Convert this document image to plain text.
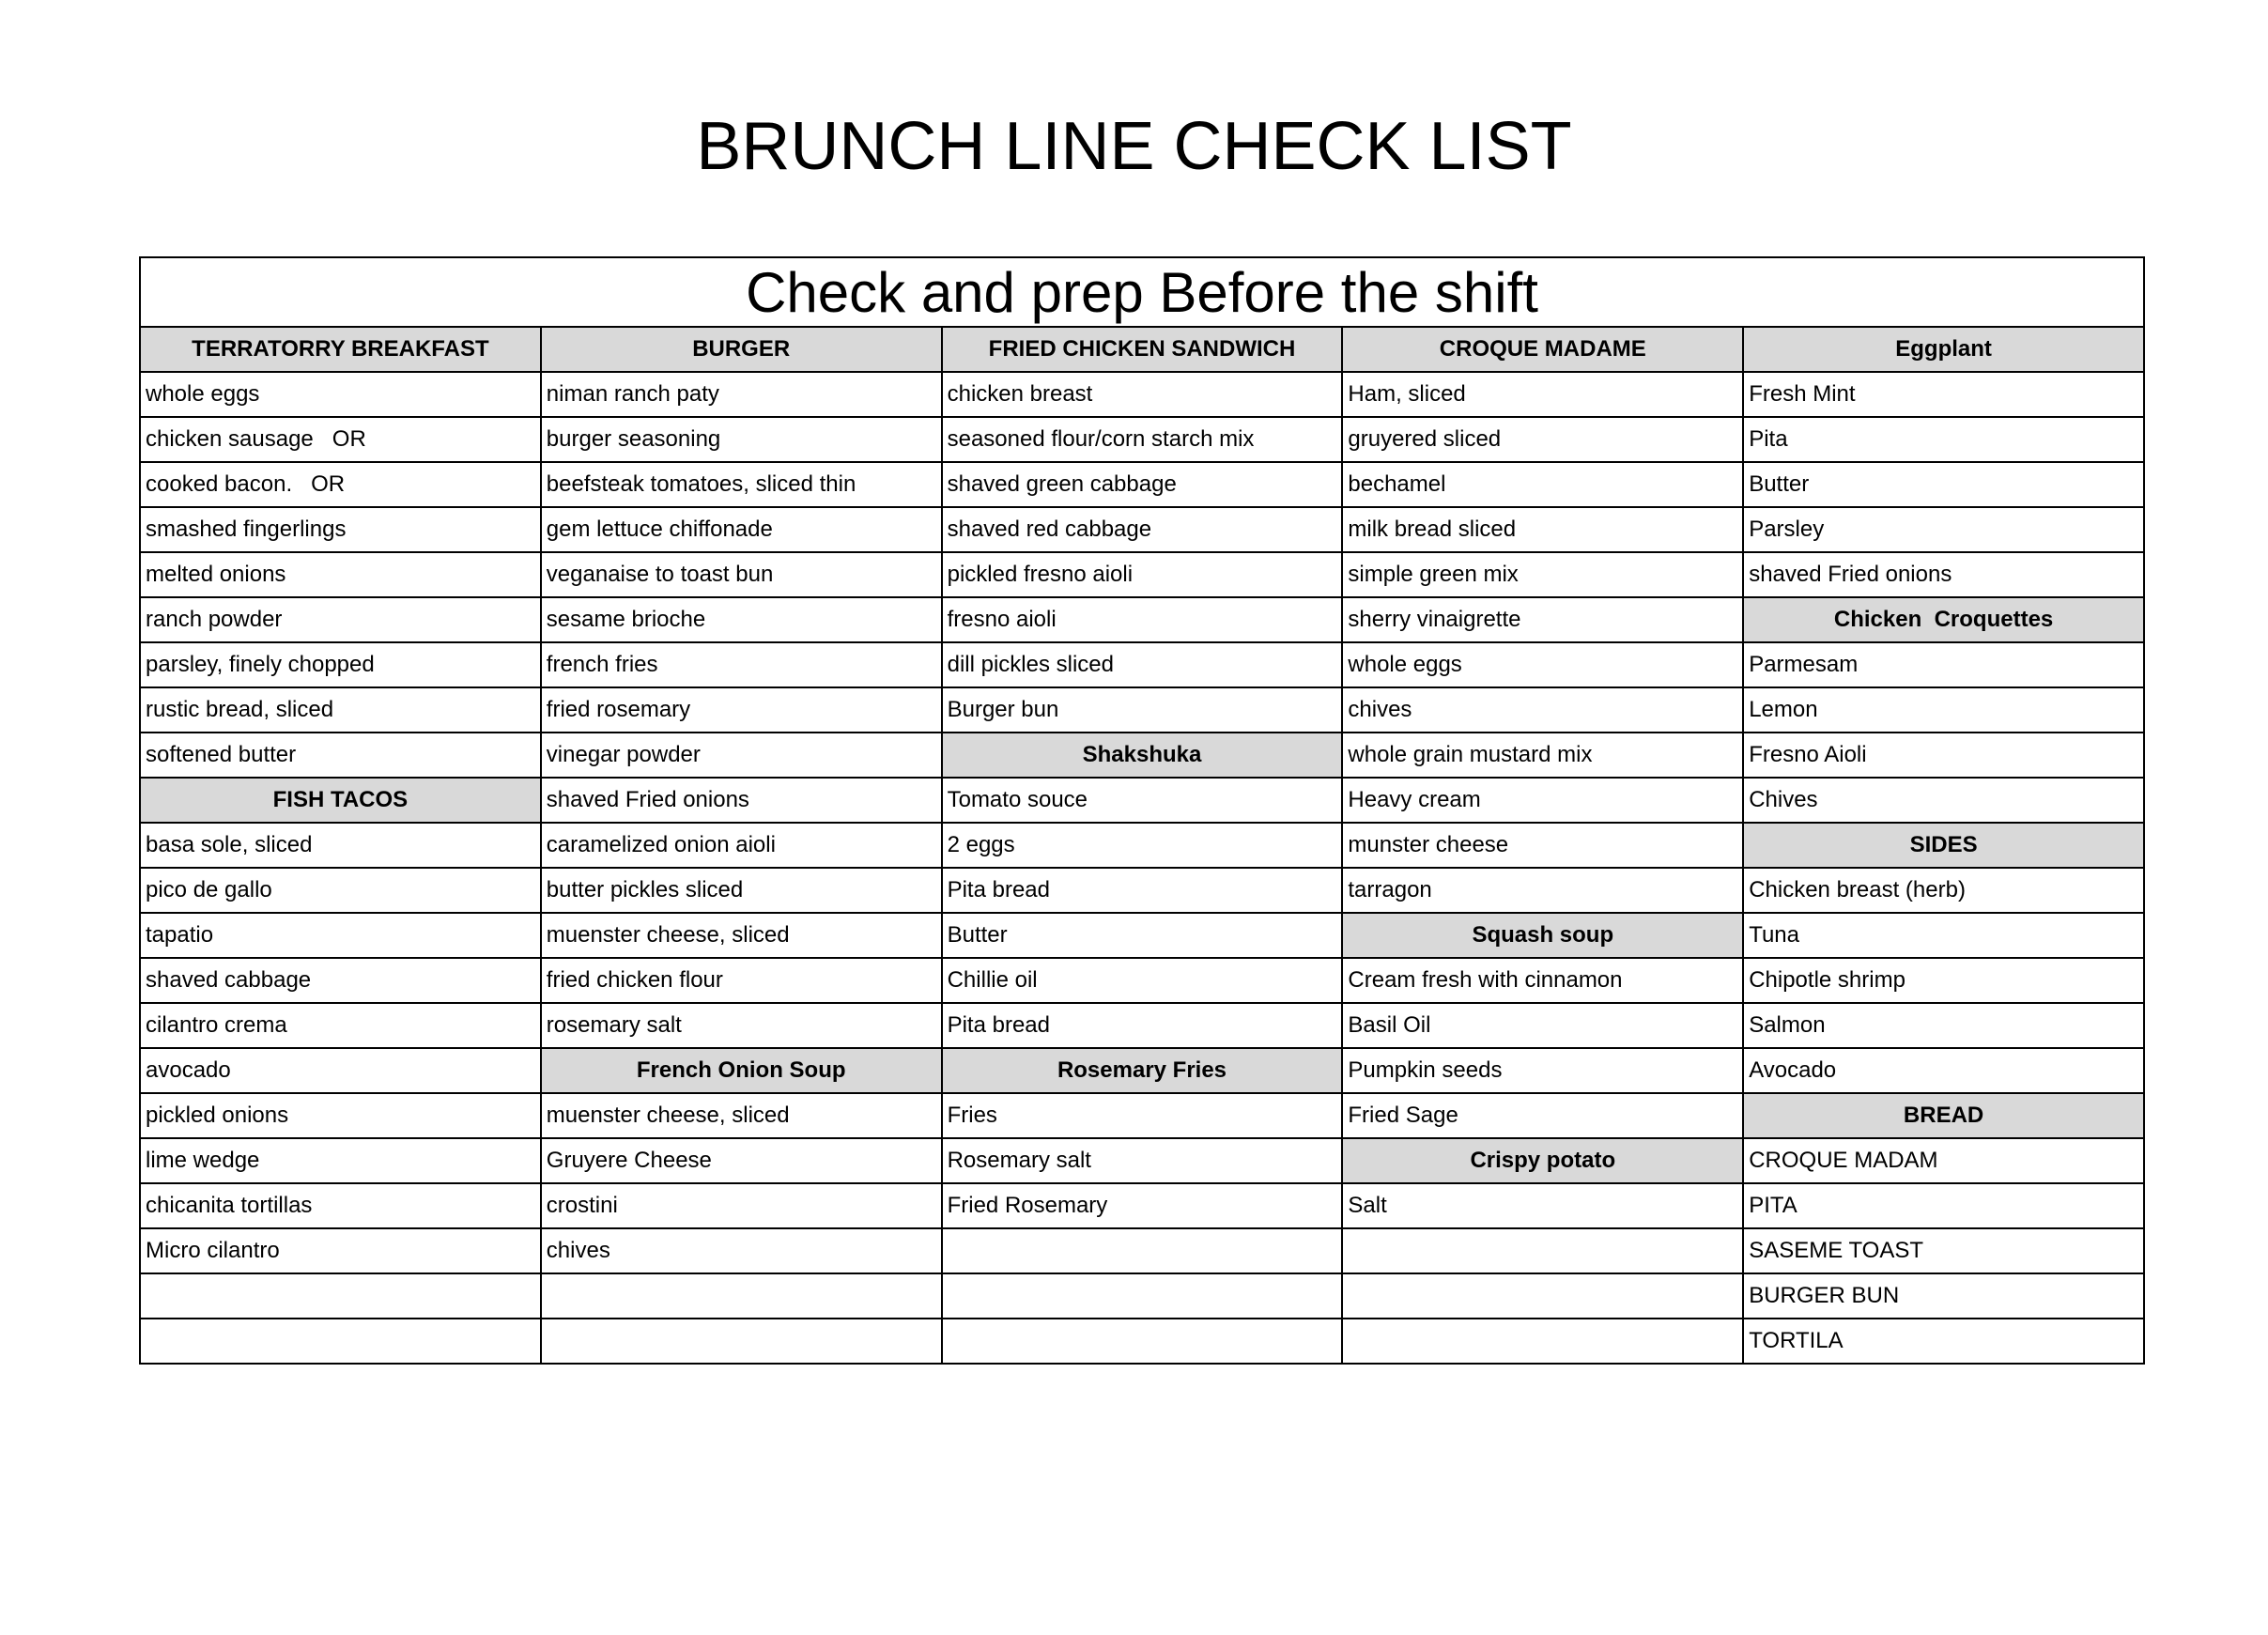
BRUNCH LINE CHECK LIST
Check and prep Before the shift				
TERRATORRY BREAKFAST	BURGER	FRIED CHICKEN SANDWICH	CROQUE MADAME	Eggplant
whole eggs	niman ranch paty	chicken breast	Ham, sliced	Fresh Mint
chicken sausage   OR	burger seasoning	seasoned flour/corn starch mix	gruyered sliced	Pita
cooked bacon.   OR	beefsteak tomatoes, sliced thin	shaved green cabbage	bechamel	Butter
smashed fingerlings	gem lettuce chiffonade	shaved red cabbage	milk bread sliced	Parsley
melted onions	veganaise to toast bun	pickled fresno aioli	simple green mix	shaved Fried onions
ranch powder	sesame brioche	fresno aioli	sherry vinaigrette	Chicken  Croquettes
parsley, finely chopped	french fries	dill pickles sliced	whole eggs	Parmesam
rustic bread, sliced	fried rosemary	Burger bun	chives	Lemon
softened butter	vinegar powder	Shakshuka	whole grain mustard mix	Fresno Aioli
FISH TACOS	shaved Fried onions	Tomato souce	Heavy cream	Chives
basa sole, sliced	caramelized onion aioli	2 eggs	munster cheese	SIDES
pico de gallo	butter pickles sliced	Pita bread	tarragon	Chicken breast (herb)
tapatio	muenster cheese, sliced	Butter	Squash soup	Tuna
shaved cabbage	fried chicken flour	Chillie oil	Cream fresh with cinnamon	Chipotle shrimp
cilantro crema	rosemary salt	Pita bread	Basil Oil	Salmon
avocado	French Onion Soup	Rosemary Fries	Pumpkin seeds	Avocado
pickled onions	muenster cheese, sliced	Fries	Fried Sage	BREAD
lime wedge	Gruyere Cheese	Rosemary salt	Crispy potato	CROQUE MADAM
chicanita tortillas	crostini	Fried Rosemary	Salt	PITA
Micro cilantro	chives			SASEME TOAST
				BURGER BUN
				TORTILA
